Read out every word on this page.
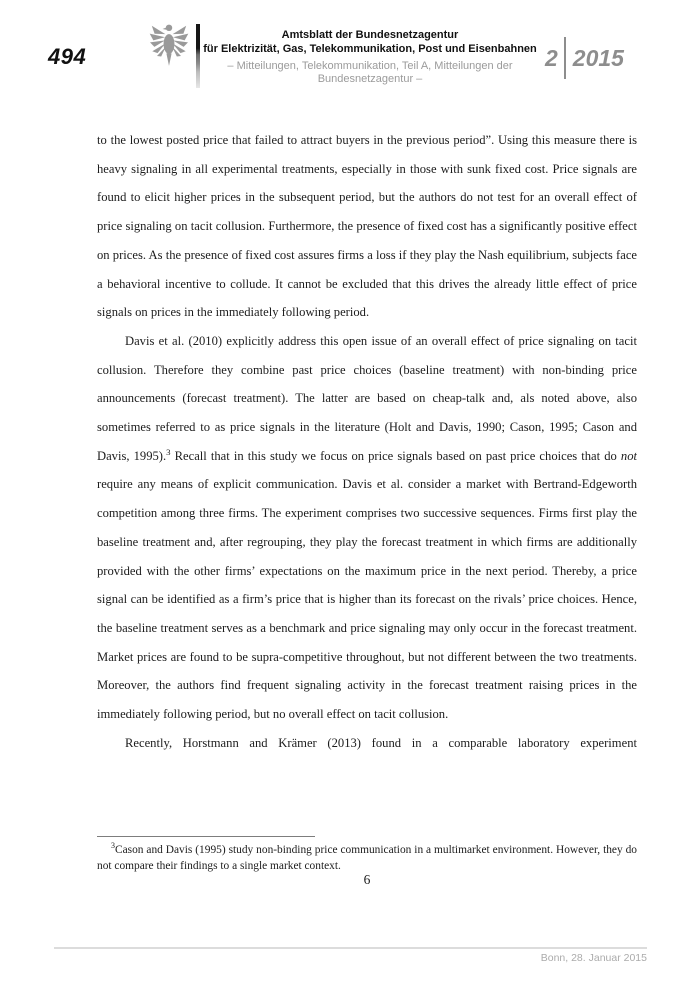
494
Amtsblatt der Bundesnetzagentur
für Elektrizität, Gas, Telekommunikation, Post und Eisenbahnen
– Mitteilungen, Telekommunikation, Teil A, Mitteilungen der Bundesnetzagentur –
2 2015

to the lowest posted price that failed to attract buyers in the previous period”. Using this measure there is heavy signaling in all experimental treatments, especially in those with sunk fixed cost. Price signals are found to elicit higher prices in the subsequent period, but the authors do not test for an overall effect of price signaling on tacit collusion. Furthermore, the presence of fixed cost has a significantly positive effect on prices. As the presence of fixed cost assures firms a loss if they play the Nash equilibrium, subjects face a behavioral incentive to collude. It cannot be excluded that this drives the already little effect of price signals on prices in the immediately following period.

Davis et al. (2010) explicitly address this open issue of an overall effect of price signaling on tacit collusion. Therefore they combine past price choices (baseline treatment) with non-binding price announcements (forecast treatment). The latter are based on cheap-talk and, als noted above, also sometimes referred to as price signals in the literature (Holt and Davis, 1990; Cason, 1995; Cason and Davis, 1995).$^3$ Recall that in this study we focus on price signals based on past price choices that do not require any means of explicit communication. Davis et al. consider a market with Bertrand-Edgeworth competition among three firms. The experiment comprises two successive sequences. Firms first play the baseline treatment and, after regrouping, they play the forecast treatment in which firms are additionally provided with the other firms’ expectations on the maximum price in the next period. Thereby, a price signal can be identified as a firm’s price that is higher than its forecast on the rivals’ price choices. Hence, the baseline treatment serves as a benchmark and price signaling may only occur in the forecast treatment. Market prices are found to be supra-competitive throughout, but not different between the two treatments. Moreover, the authors find frequent signaling activity in the forecast treatment raising prices in the immediately following period, but no overall effect on tacit collusion.

Recently, Horstmann and Krämer (2013) found in a comparable laboratory experiment

$^3$Cason and Davis (1995) study non-binding price communication in a multimarket environment. However, they do not compare their findings to a single market context.
6
Bonn, 28. Januar 2015
